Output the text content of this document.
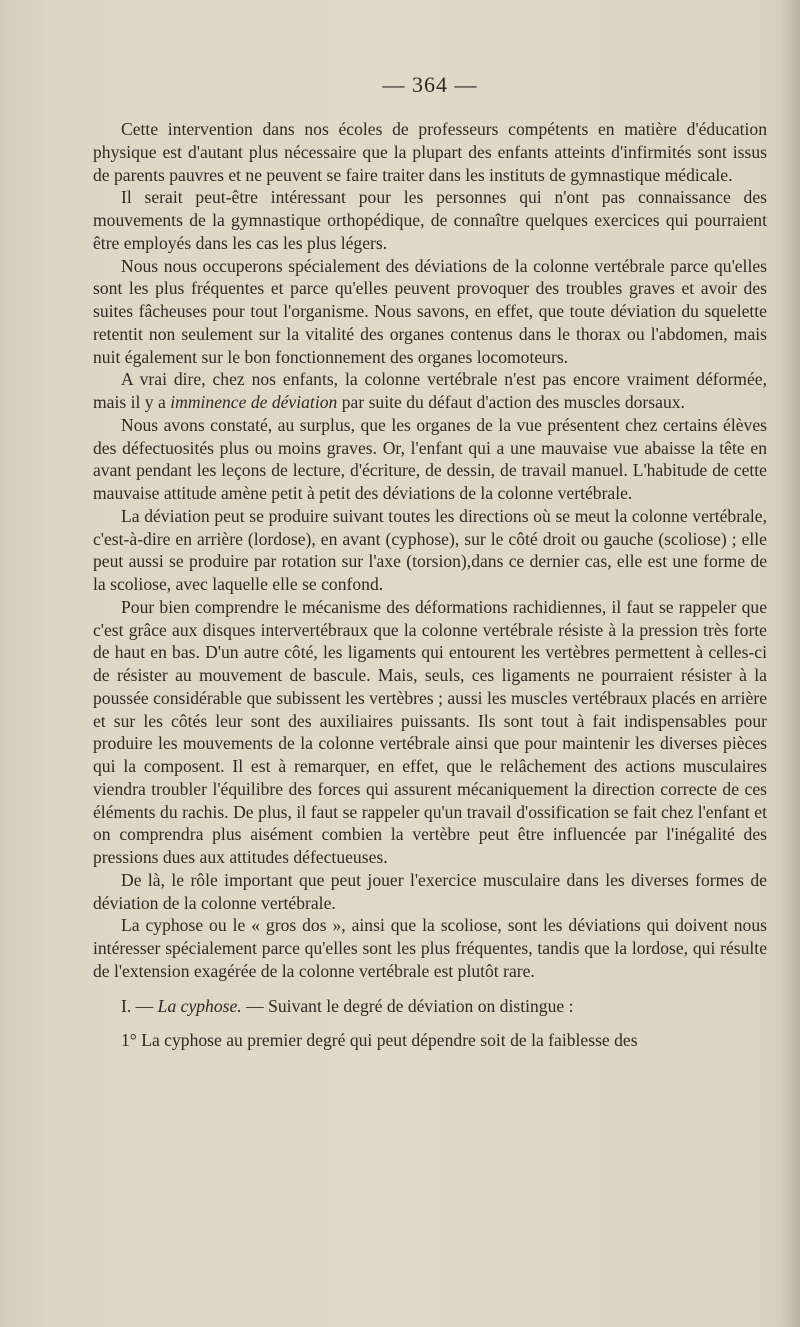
— 364 —

Cette intervention dans nos écoles de professeurs compétents en matière d'éducation physique est d'autant plus nécessaire que la plupart des enfants atteints d'infirmités sont issus de parents pauvres et ne peuvent se faire traiter dans les instituts de gymnastique médicale.

Il serait peut-être intéressant pour les personnes qui n'ont pas connaissance des mouvements de la gymnastique orthopédique, de connaître quelques exercices qui pourraient être employés dans les cas les plus légers.

Nous nous occuperons spécialement des déviations de la colonne vertébrale parce qu'elles sont les plus fréquentes et parce qu'elles peuvent provoquer des troubles graves et avoir des suites fâcheuses pour tout l'organisme. Nous savons, en effet, que toute déviation du squelette retentit non seulement sur la vitalité des organes contenus dans le thorax ou l'abdomen, mais nuit également sur le bon fonctionnement des organes locomoteurs.

A vrai dire, chez nos enfants, la colonne vertébrale n'est pas encore vraiment déformée, mais il y a imminence de déviation par suite du défaut d'action des muscles dorsaux.

Nous avons constaté, au surplus, que les organes de la vue présentent chez certains élèves des défectuosités plus ou moins graves. Or, l'enfant qui a une mauvaise vue abaisse la tête en avant pendant les leçons de lecture, d'écriture, de dessin, de travail manuel. L'habitude de cette mauvaise attitude amène petit à petit des déviations de la colonne vertébrale.

La déviation peut se produire suivant toutes les directions où se meut la colonne vertébrale, c'est-à-dire en arrière (lordose), en avant (cyphose), sur le côté droit ou gauche (scoliose) ; elle peut aussi se produire par rotation sur l'axe (torsion),dans ce dernier cas, elle est une forme de la scoliose, avec laquelle elle se confond.

Pour bien comprendre le mécanisme des déformations rachidiennes, il faut se rappeler que c'est grâce aux disques intervertébraux que la colonne vertébrale résiste à la pression très forte de haut en bas. D'un autre côté, les ligaments qui entourent les vertèbres permettent à celles-ci de résister au mouvement de bascule. Mais, seuls, ces ligaments ne pourraient résister à la poussée considérable que subissent les vertèbres ; aussi les muscles vertébraux placés en arrière et sur les côtés leur sont des auxiliaires puissants. Ils sont tout à fait indispensables pour produire les mouvements de la colonne vertébrale ainsi que pour maintenir les diverses pièces qui la composent. Il est à remarquer, en effet, que le relâchement des actions musculaires viendra troubler l'équilibre des forces qui assurent mécaniquement la direction correcte de ces éléments du rachis. De plus, il faut se rappeler qu'un travail d'ossification se fait chez l'enfant et on comprendra plus aisément combien la vertèbre peut être influencée par l'inégalité des pressions dues aux attitudes défectueuses.

De là, le rôle important que peut jouer l'exercice musculaire dans les diverses formes de déviation de la colonne vertébrale.

La cyphose ou le « gros dos », ainsi que la scoliose, sont les déviations qui doivent nous intéresser spécialement parce qu'elles sont les plus fréquentes, tandis que la lordose, qui résulte de l'extension exagérée de la colonne vertébrale est plutôt rare.

I. — La cyphose. — Suivant le degré de déviation on distingue :

1° La cyphose au premier degré qui peut dépendre soit de la faiblesse des
